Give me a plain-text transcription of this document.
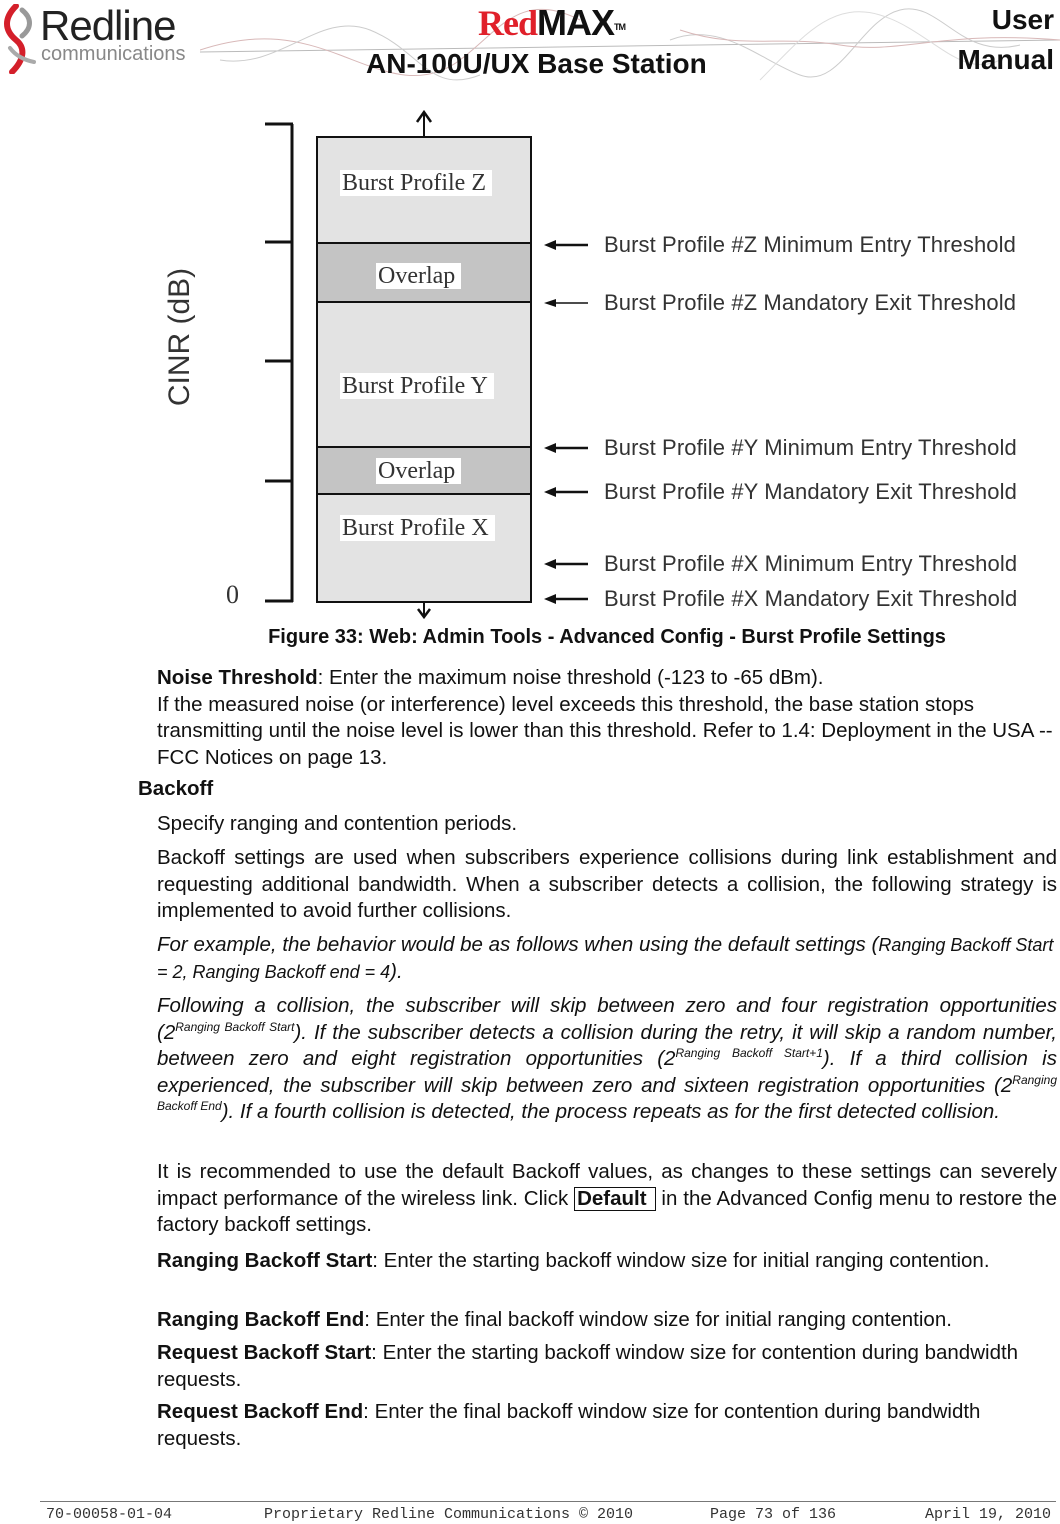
Redline
communications
RedMAX™
AN-100U/UX Base Station
User
Manual
CINR (dB)
0
Burst Profile Z
Overlap
Burst Profile Y
Overlap
Burst Profile X
Burst Profile #Z Minimum Entry Threshold
Burst Profile #Z Mandatory Exit Threshold
Burst Profile #Y Minimum Entry Threshold
Burst Profile #Y Mandatory Exit Threshold
Burst Profile #X Minimum Entry Threshold
Burst Profile #X Mandatory Exit Threshold
Figure 33: Web: Admin Tools - Advanced Config - Burst Profile Settings
Noise Threshold: Enter the maximum noise threshold (-123 to -65 dBm).
If the measured noise (or interference) level exceeds this threshold, the base station stops transmitting until the noise level is lower than this threshold. Refer to 1.4: Deployment in the USA -- FCC Notices on page 13.
Backoff
Specify ranging and contention periods.
Backoff settings are used when subscribers experience collisions during link establishment and requesting additional bandwidth. When a subscriber detects a collision, the following strategy is implemented to avoid further collisions.
For example, the behavior would be as follows when using the default settings (Ranging Backoff Start = 2, Ranging Backoff end = 4).
Following a collision, the subscriber will skip between zero and four registration opportunities $(2^{Ranging Backoff Start})$. If the subscriber detects a collision during the retry, it will skip a random number, between zero and eight registration opportunities $(2^{Ranging Backoff Start+1})$. If a third collision is experienced, the subscriber will skip between zero and sixteen registration opportunities $(2^{Ranging Backoff End})$. If a fourth collision is detected, the process repeats as for the first detected collision.
It is recommended to use the default Backoff values, as changes to these settings can severely impact performance of the wireless link. Click Default in the Advanced Config menu to restore the factory backoff settings.
Ranging Backoff Start: Enter the starting backoff window size for initial ranging contention.
Ranging Backoff End: Enter the final backoff window size for initial ranging contention.
Request Backoff Start: Enter the starting backoff window size for contention during bandwidth requests.
Request Backoff End: Enter the final backoff window size for contention during bandwidth requests.
70-00058-01-04	Proprietary Redline Communications © 2010	Page 73 of 136	April 19, 2010
